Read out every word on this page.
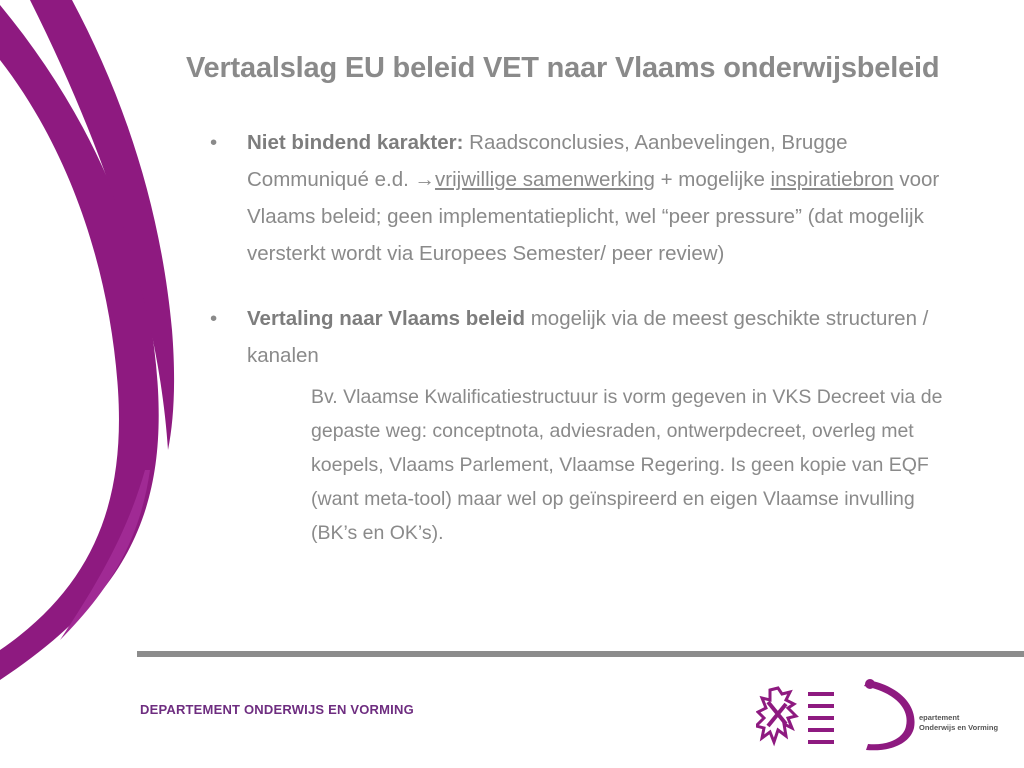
Vertaalslag EU beleid VET naar Vlaams onderwijsbeleid
• Niet bindend karakter: Raadsconclusies, Aanbevelingen, Brugge Communiqué e.d. →vrijwillige samenwerking + mogelijke inspiratiebron voor Vlaams beleid; geen implementatieplicht, wel “peer pressure” (dat mogelijk versterkt wordt via Europees Semester/ peer review)
• Vertaling naar Vlaams beleid mogelijk via de meest geschikte structuren / kanalen
Bv. Vlaamse Kwalificatiestructuur is vorm gegeven in VKS Decreet via de gepaste weg: conceptnota, adviesraden, ontwerpdecreet, overleg met koepels, Vlaams Parlement, Vlaamse Regering. Is geen kopie van EQF (want meta-tool) maar wel op geïnspireerd en eigen Vlaamse invulling (BK’s en OK’s).
DEPARTEMENT ONDERWIJS EN VORMING
epartement
Onderwijs en Vorming
